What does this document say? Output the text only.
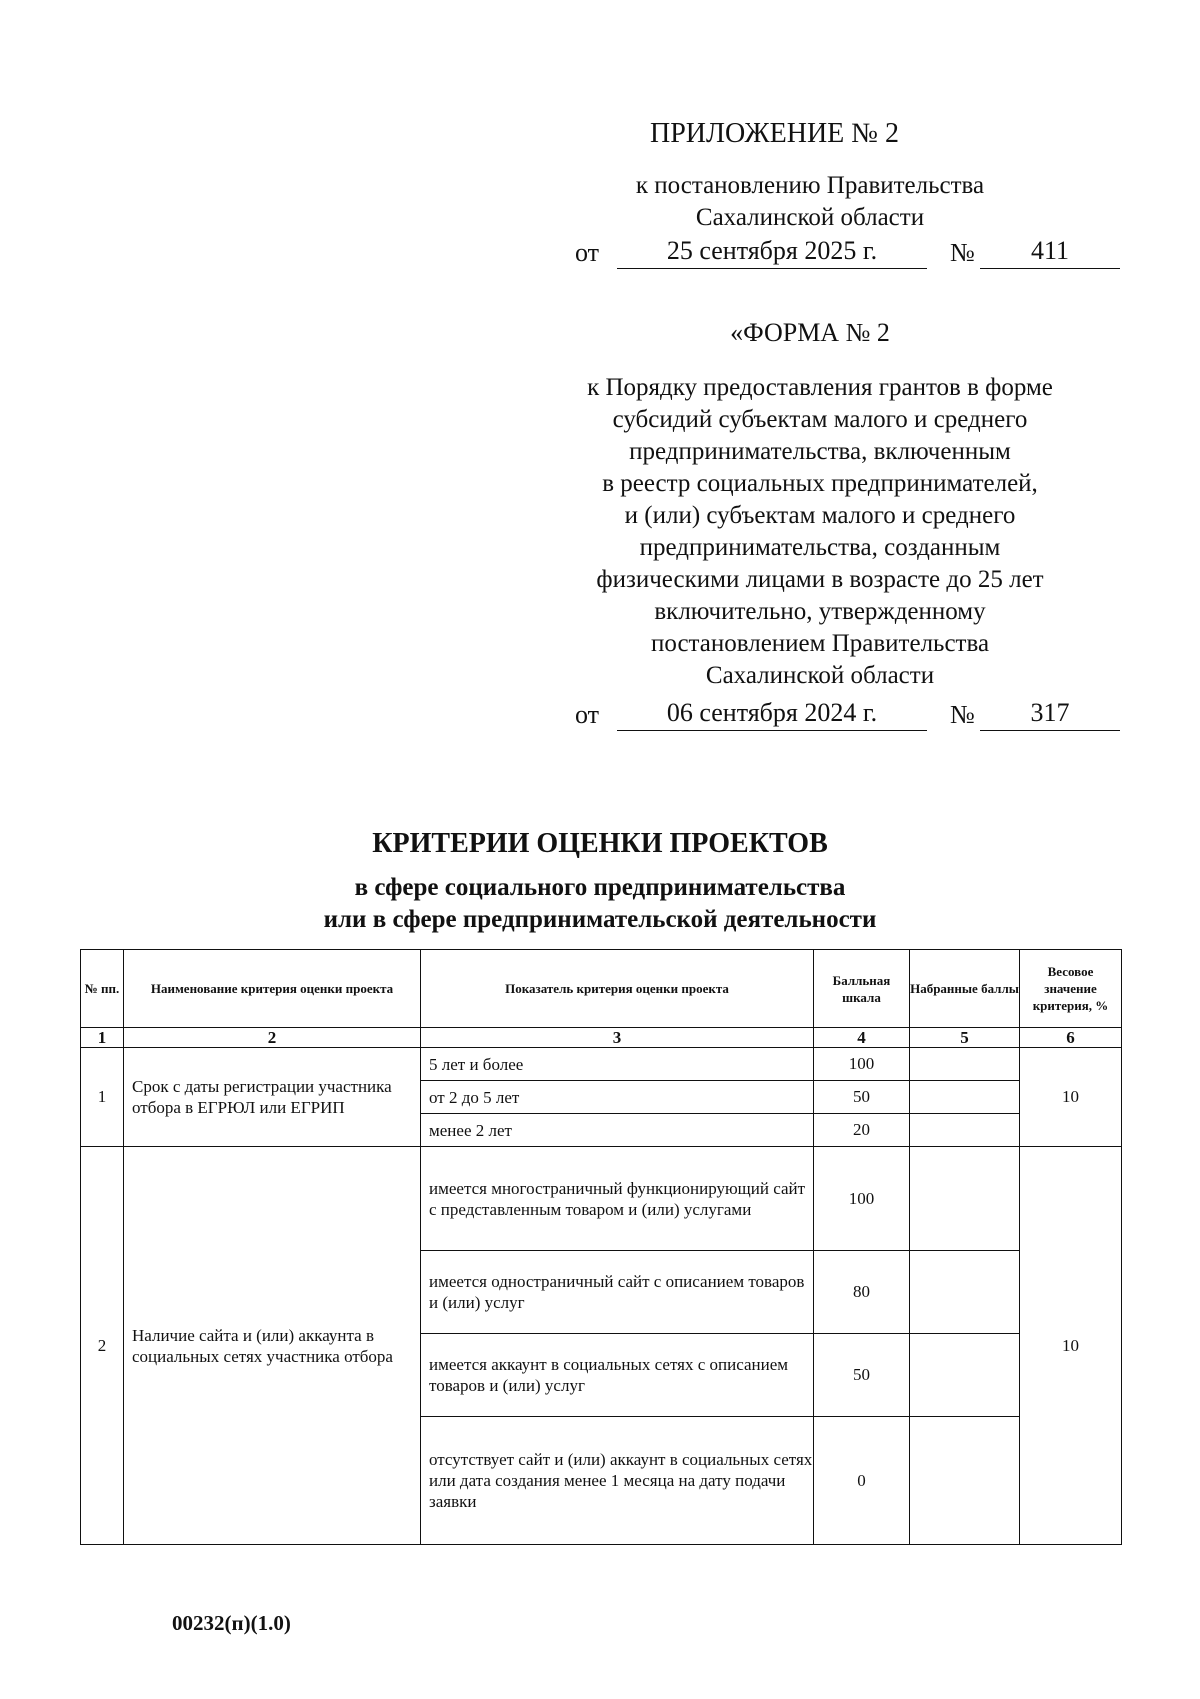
ПРИЛОЖЕНИЕ № 2
к постановлению Правительства
Сахалинской области
от	25 сентября 2025 г.	№	411
«ФОРМА № 2
к Порядку предоставления грантов в форме
субсидий субъектам малого и среднего
предпринимательства, включенным
в реестр социальных предпринимателей,
и (или) субъектам малого и среднего
предпринимательства, созданным
физическими лицами в возрасте до 25 лет
включительно, утвержденному
постановлением Правительства
Сахалинской области
от	06 сентября 2024 г.	№	317
КРИТЕРИИ ОЦЕНКИ ПРОЕКТОВ
в сфере социального предпринимательства
или в сфере предпринимательской деятельности
№ пп.	Наименование критерия оценки проекта	Показатель критерия оценки проекта	Балльная шкала	Набранные баллы	Весовое значение критерия, %
1	2	3	4	5	6
1	Срок с даты регистрации участника отбора в ЕГРЮЛ или ЕГРИП	5 лет и более	100		10
		от 2 до 5 лет	50		
		менее 2 лет	20		
2	Наличие сайта и (или) аккаунта в социальных сетях участника отбора	имеется многостраничный функционирующий сайт с представленным товаром и (или) услугами	100		10
		имеется одностраничный сайт с описанием товаров и (или) услуг	80		
		имеется аккаунт в социальных сетях с описанием товаров и (или) услуг	50		
		отсутствует сайт и (или) аккаунт в социальных сетях или дата создания менее 1 месяца на дату подачи заявки	0		
00232(п)(1.0)
